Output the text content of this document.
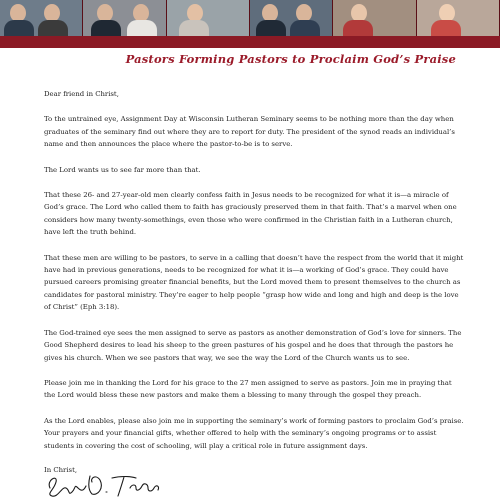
Pastors Forming Pastors to Proclaim God’s Praise

Dear friend in Christ,

To the untrained eye, Assignment Day at Wisconsin Lutheran Seminary seems to be nothing more than the day when graduates of the seminary find out where they are to report for duty. The president of the synod reads an individual’s name and then announces the place where the pastor-to-be is to serve.

The Lord wants us to see far more than that.

That these 26- and 27-year-old men clearly confess faith in Jesus needs to be recognized for what it is—a miracle of God’s grace. The Lord who called them to faith has graciously preserved them in that faith. That’s a marvel when one considers how many twenty-somethings, even those who were confirmed in the Christian faith in a Lutheran church, have left the truth behind.

That these men are willing to be pastors, to serve in a calling that doesn’t have the respect from the world that it might have had in previous generations, needs to be recognized for what it is—a working of God’s grace. They could have pursued careers promising greater financial benefits, but the Lord moved them to present themselves to the church as candidates for pastoral ministry. They’re eager to help people “grasp how wide and long and high and deep is the love of Christ” (Eph 3:18).

The God-trained eye sees the men assigned to serve as pastors as another demonstration of God’s love for sinners. The Good Shepherd desires to lead his sheep to the green pastures of his gospel and he does that through the pastors he gives his church. When we see pastors that way, we see the way the Lord of the Church wants us to see.

Please join me in thanking the Lord for his grace to the 27 men assigned to serve as pastors. Join me in praying that the Lord would bless these new pastors and make them a blessing to many through the gospel they preach.

As the Lord enables, please also join me in supporting the seminary’s work of forming pastors to proclaim God’s praise. Your prayers and your financial gifts, whether offered to help with the seminary’s ongoing programs or to assist students in covering the cost of schooling, will play a critical role in future assignment days.

In Christ,
